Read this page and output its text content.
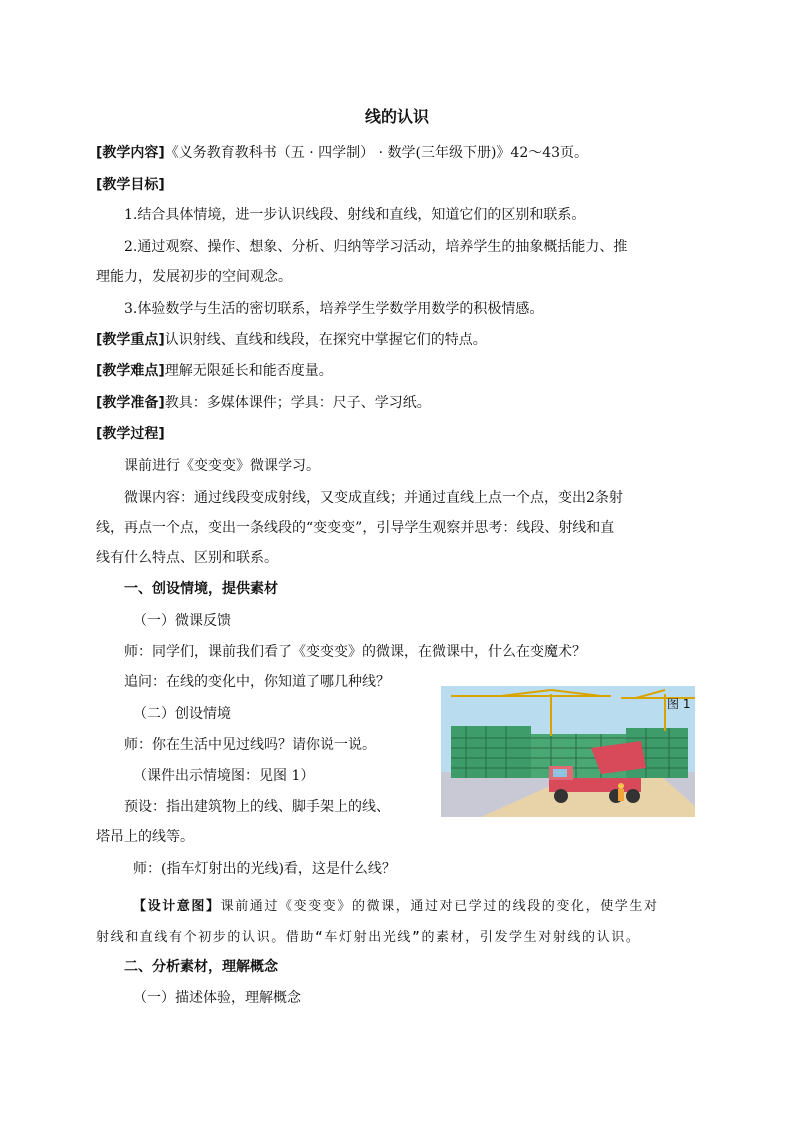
线的认识
[教学内容]《义务教育教科书（五 · 四学制） · 数学(三年级下册)》42～43页。
[教学目标]
1.结合具体情境，进一步认识线段、射线和直线，知道它们的区别和联系。
2.通过观察、操作、想象、分析、归纳等学习活动，培养学生的抽象概括能力、推
理能力，发展初步的空间观念。
3.体验数学与生活的密切联系，培养学生学数学用数学的积极情感。
[教学重点]认识射线、直线和线段，在探究中掌握它们的特点。
[教学难点]理解无限延长和能否度量。
[教学准备]教具：多媒体课件；学具：尺子、学习纸。
[教学过程]
课前进行《变变变》微课学习。
微课内容：通过线段变成射线，又变成直线；并通过直线上点一个点，变出2条射
线，再点一个点，变出一条线段的“变变变”，引导学生观察并思考：线段、射线和直
线有什么特点、区别和联系。
一、创设情境，提供素材
（一）微课反馈
师：同学们，课前我们看了《变变变》的微课，在微课中，什么在变魔术？
追问：在线的变化中，你知道了哪几种线？
（二）创设情境
师：你在生活中见过线吗？请你说一说。
（课件出示情境图：见图 1）
预设：指出建筑物上的线、脚手架上的线、
塔吊上的线等。
师：(指车灯射出的光线)看，这是什么线？
【设计意图】课前通过《变变变》的微课，通过对已学过的线段的变化，使学生对
射线和直线有个初步的认识。借助“车灯射出光线”的素材，引发学生对射线的认识。
二、分析素材，理解概念
（一）描述体验，理解概念
图 1
